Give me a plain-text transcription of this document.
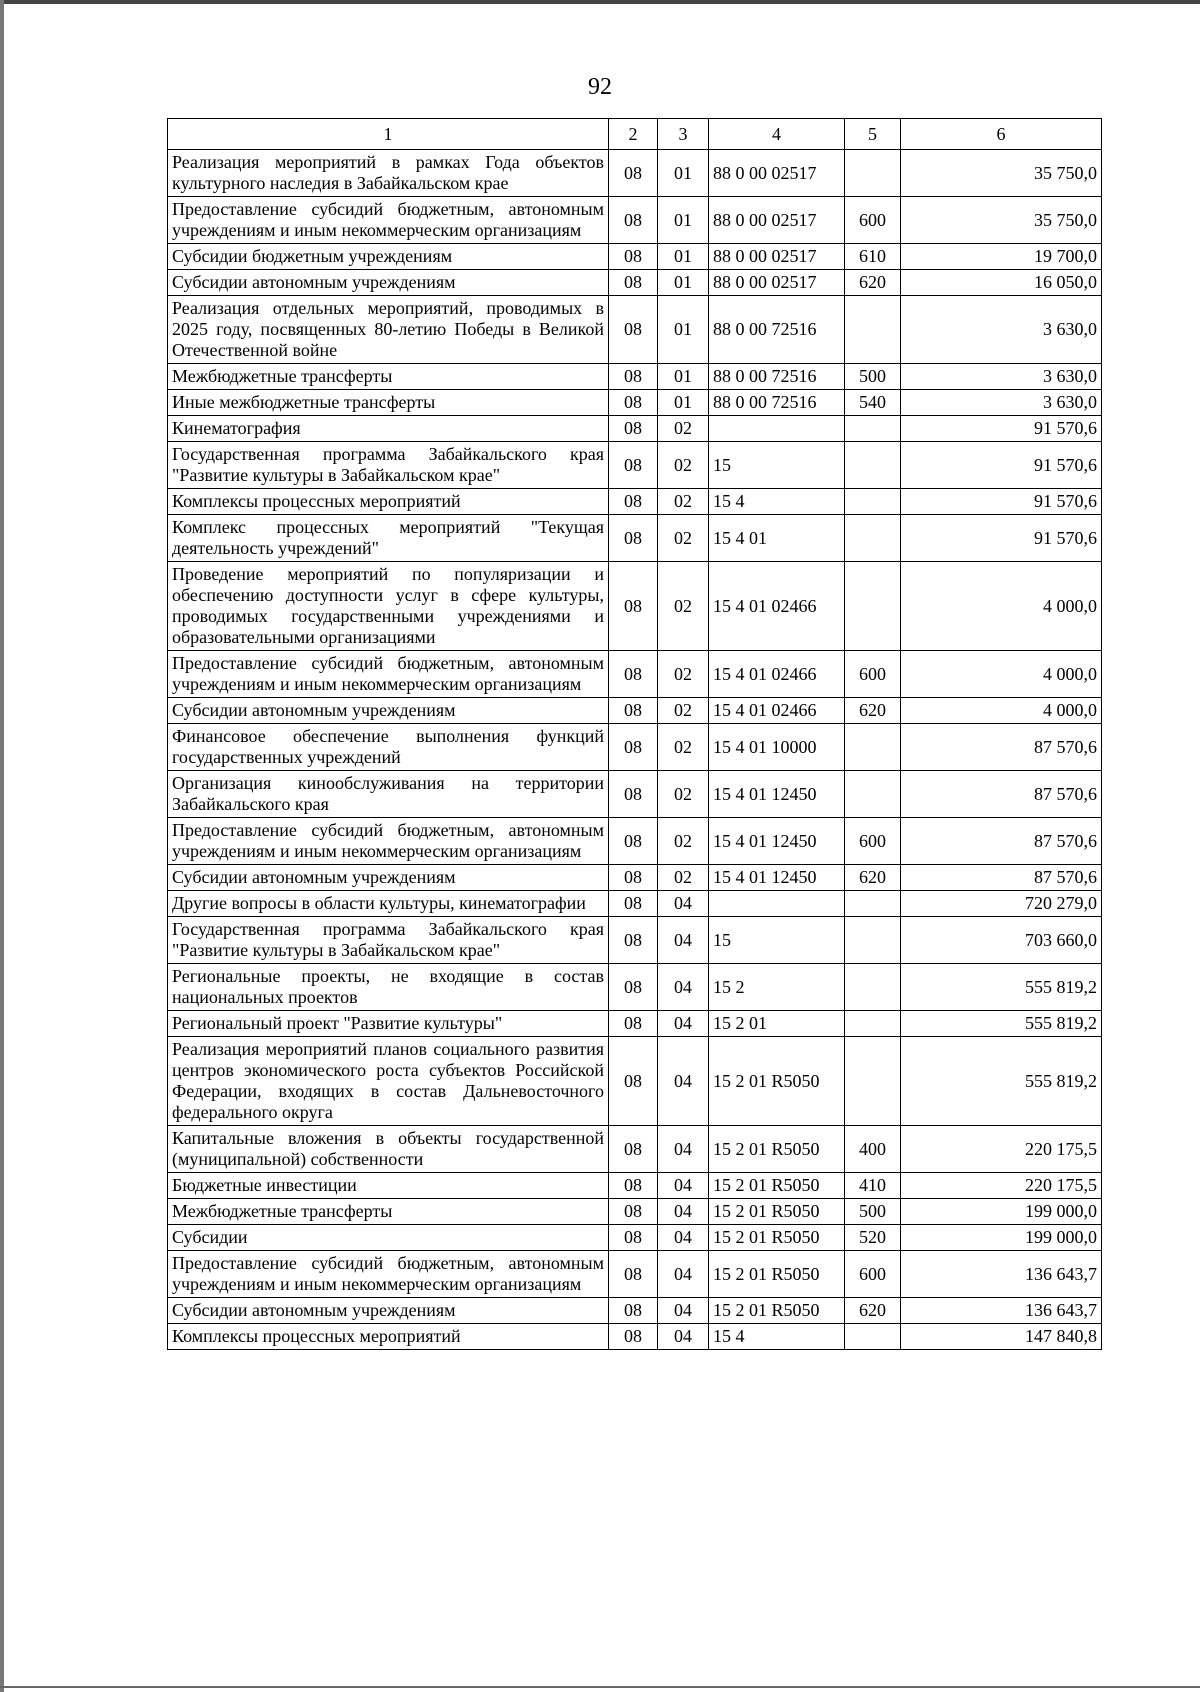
92
1	2	3	4	5	6
Реализация мероприятий в рамках Года объектов культурного наследия в Забайкальском крае	08	01	88 0 00 02517		35 750,0
Предоставление субсидий бюджетным, автономным учреждениям и иным некоммерческим организациям	08	01	88 0 00 02517	600	35 750,0
Субсидии бюджетным учреждениям	08	01	88 0 00 02517	610	19 700,0
Субсидии автономным учреждениям	08	01	88 0 00 02517	620	16 050,0
Реализация отдельных мероприятий, проводимых в 2025 году, посвященных 80-летию Победы в Великой Отечественной войне	08	01	88 0 00 72516		3 630,0
Межбюджетные трансферты	08	01	88 0 00 72516	500	3 630,0
Иные межбюджетные трансферты	08	01	88 0 00 72516	540	3 630,0
Кинематография	08	02			91 570,6
Государственная программа Забайкальского края "Развитие культуры в Забайкальском крае"	08	02	15		91 570,6
Комплексы процессных мероприятий	08	02	15 4		91 570,6
Комплекс процессных мероприятий "Текущая деятельность учреждений"	08	02	15 4 01		91 570,6
Проведение мероприятий по популяризации и обеспечению доступности услуг в сфере культуры, проводимых государственными учреждениями и образовательными организациями	08	02	15 4 01 02466		4 000,0
Предоставление субсидий бюджетным, автономным учреждениям и иным некоммерческим организациям	08	02	15 4 01 02466	600	4 000,0
Субсидии автономным учреждениям	08	02	15 4 01 02466	620	4 000,0
Финансовое обеспечение выполнения функций государственных учреждений	08	02	15 4 01 10000		87 570,6
Организация кинообслуживания на территории Забайкальского края	08	02	15 4 01 12450		87 570,6
Предоставление субсидий бюджетным, автономным учреждениям и иным некоммерческим организациям	08	02	15 4 01 12450	600	87 570,6
Субсидии автономным учреждениям	08	02	15 4 01 12450	620	87 570,6
Другие вопросы в области культуры, кинематографии	08	04			720 279,0
Государственная программа Забайкальского края "Развитие культуры в Забайкальском крае"	08	04	15		703 660,0
Региональные проекты, не входящие в состав национальных проектов	08	04	15 2		555 819,2
Региональный проект "Развитие культуры"	08	04	15 2 01		555 819,2
Реализация мероприятий планов социального развития центров экономического роста субъектов Российской Федерации, входящих в состав Дальневосточного федерального округа	08	04	15 2 01 R5050		555 819,2
Капитальные вложения в объекты государственной (муниципальной) собственности	08	04	15 2 01 R5050	400	220 175,5
Бюджетные инвестиции	08	04	15 2 01 R5050	410	220 175,5
Межбюджетные трансферты	08	04	15 2 01 R5050	500	199 000,0
Субсидии	08	04	15 2 01 R5050	520	199 000,0
Предоставление субсидий бюджетным, автономным учреждениям и иным некоммерческим организациям	08	04	15 2 01 R5050	600	136 643,7
Субсидии автономным учреждениям	08	04	15 2 01 R5050	620	136 643,7
Комплексы процессных мероприятий	08	04	15 4		147 840,8
